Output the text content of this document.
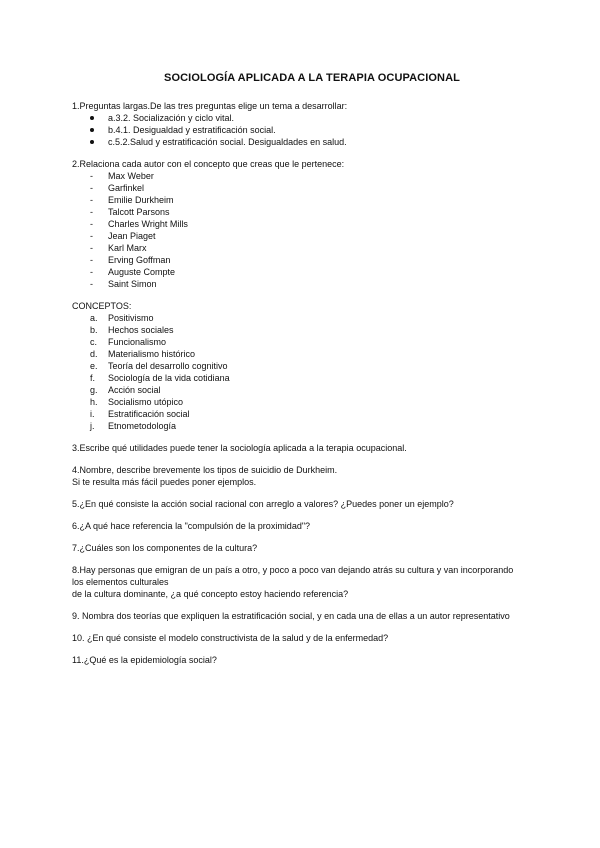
SOCIOLOGÍA APLICADA A LA TERAPIA OCUPACIONAL

1.Preguntas largas.De las tres preguntas elige un tema a desarrollar:

a.3.2. Socialización y ciclo vital.
b.4.1. Desigualdad y estratificación social.
c.5.2.Salud y estratificación social. Desigualdades en salud.

2.Relaciona cada autor con el concepto que creas que le pertenece:

- Max Weber
- Garfinkel
- Emilie Durkheim
- Talcott Parsons
- Charles Wright Mills
- Jean Piaget
- Karl Marx
- Erving Goffman
- Auguste Compte
- Saint Simon

CONCEPTOS:

a. Positivismo
b. Hechos sociales
c. Funcionalismo
d. Materialismo histórico
e. Teoría del desarrollo cognitivo
f. Sociología de la vida cotidiana
g. Acción social
h. Socialismo utópico
i. Estratificación social
j. Etnometodología

3.Escribe qué utilidades puede tener la sociología aplicada a la terapia ocupacional.

4.Nombre, describe brevemente los tipos de suicidio de Durkheim.

Si te resulta más fácil puedes poner ejemplos.

5.¿En qué consiste la acción social racional con arreglo a valores? ¿Puedes poner un ejemplo?

6.¿A qué hace referencia la "compulsión de la proximidad"?

7.¿Cuáles son los componentes de la cultura?

8.Hay personas que emigran de un país a otro, y poco a poco van dejando atrás su cultura y van incorporando

los elementos culturales

de la cultura dominante, ¿a qué concepto estoy haciendo referencia?

9. Nombra dos teorías que expliquen la estratificación social, y en cada una de ellas a un autor representativo

10. ¿En qué consiste el modelo constructivista de la salud y de la enfermedad?

11.¿Qué es la epidemiología social?
